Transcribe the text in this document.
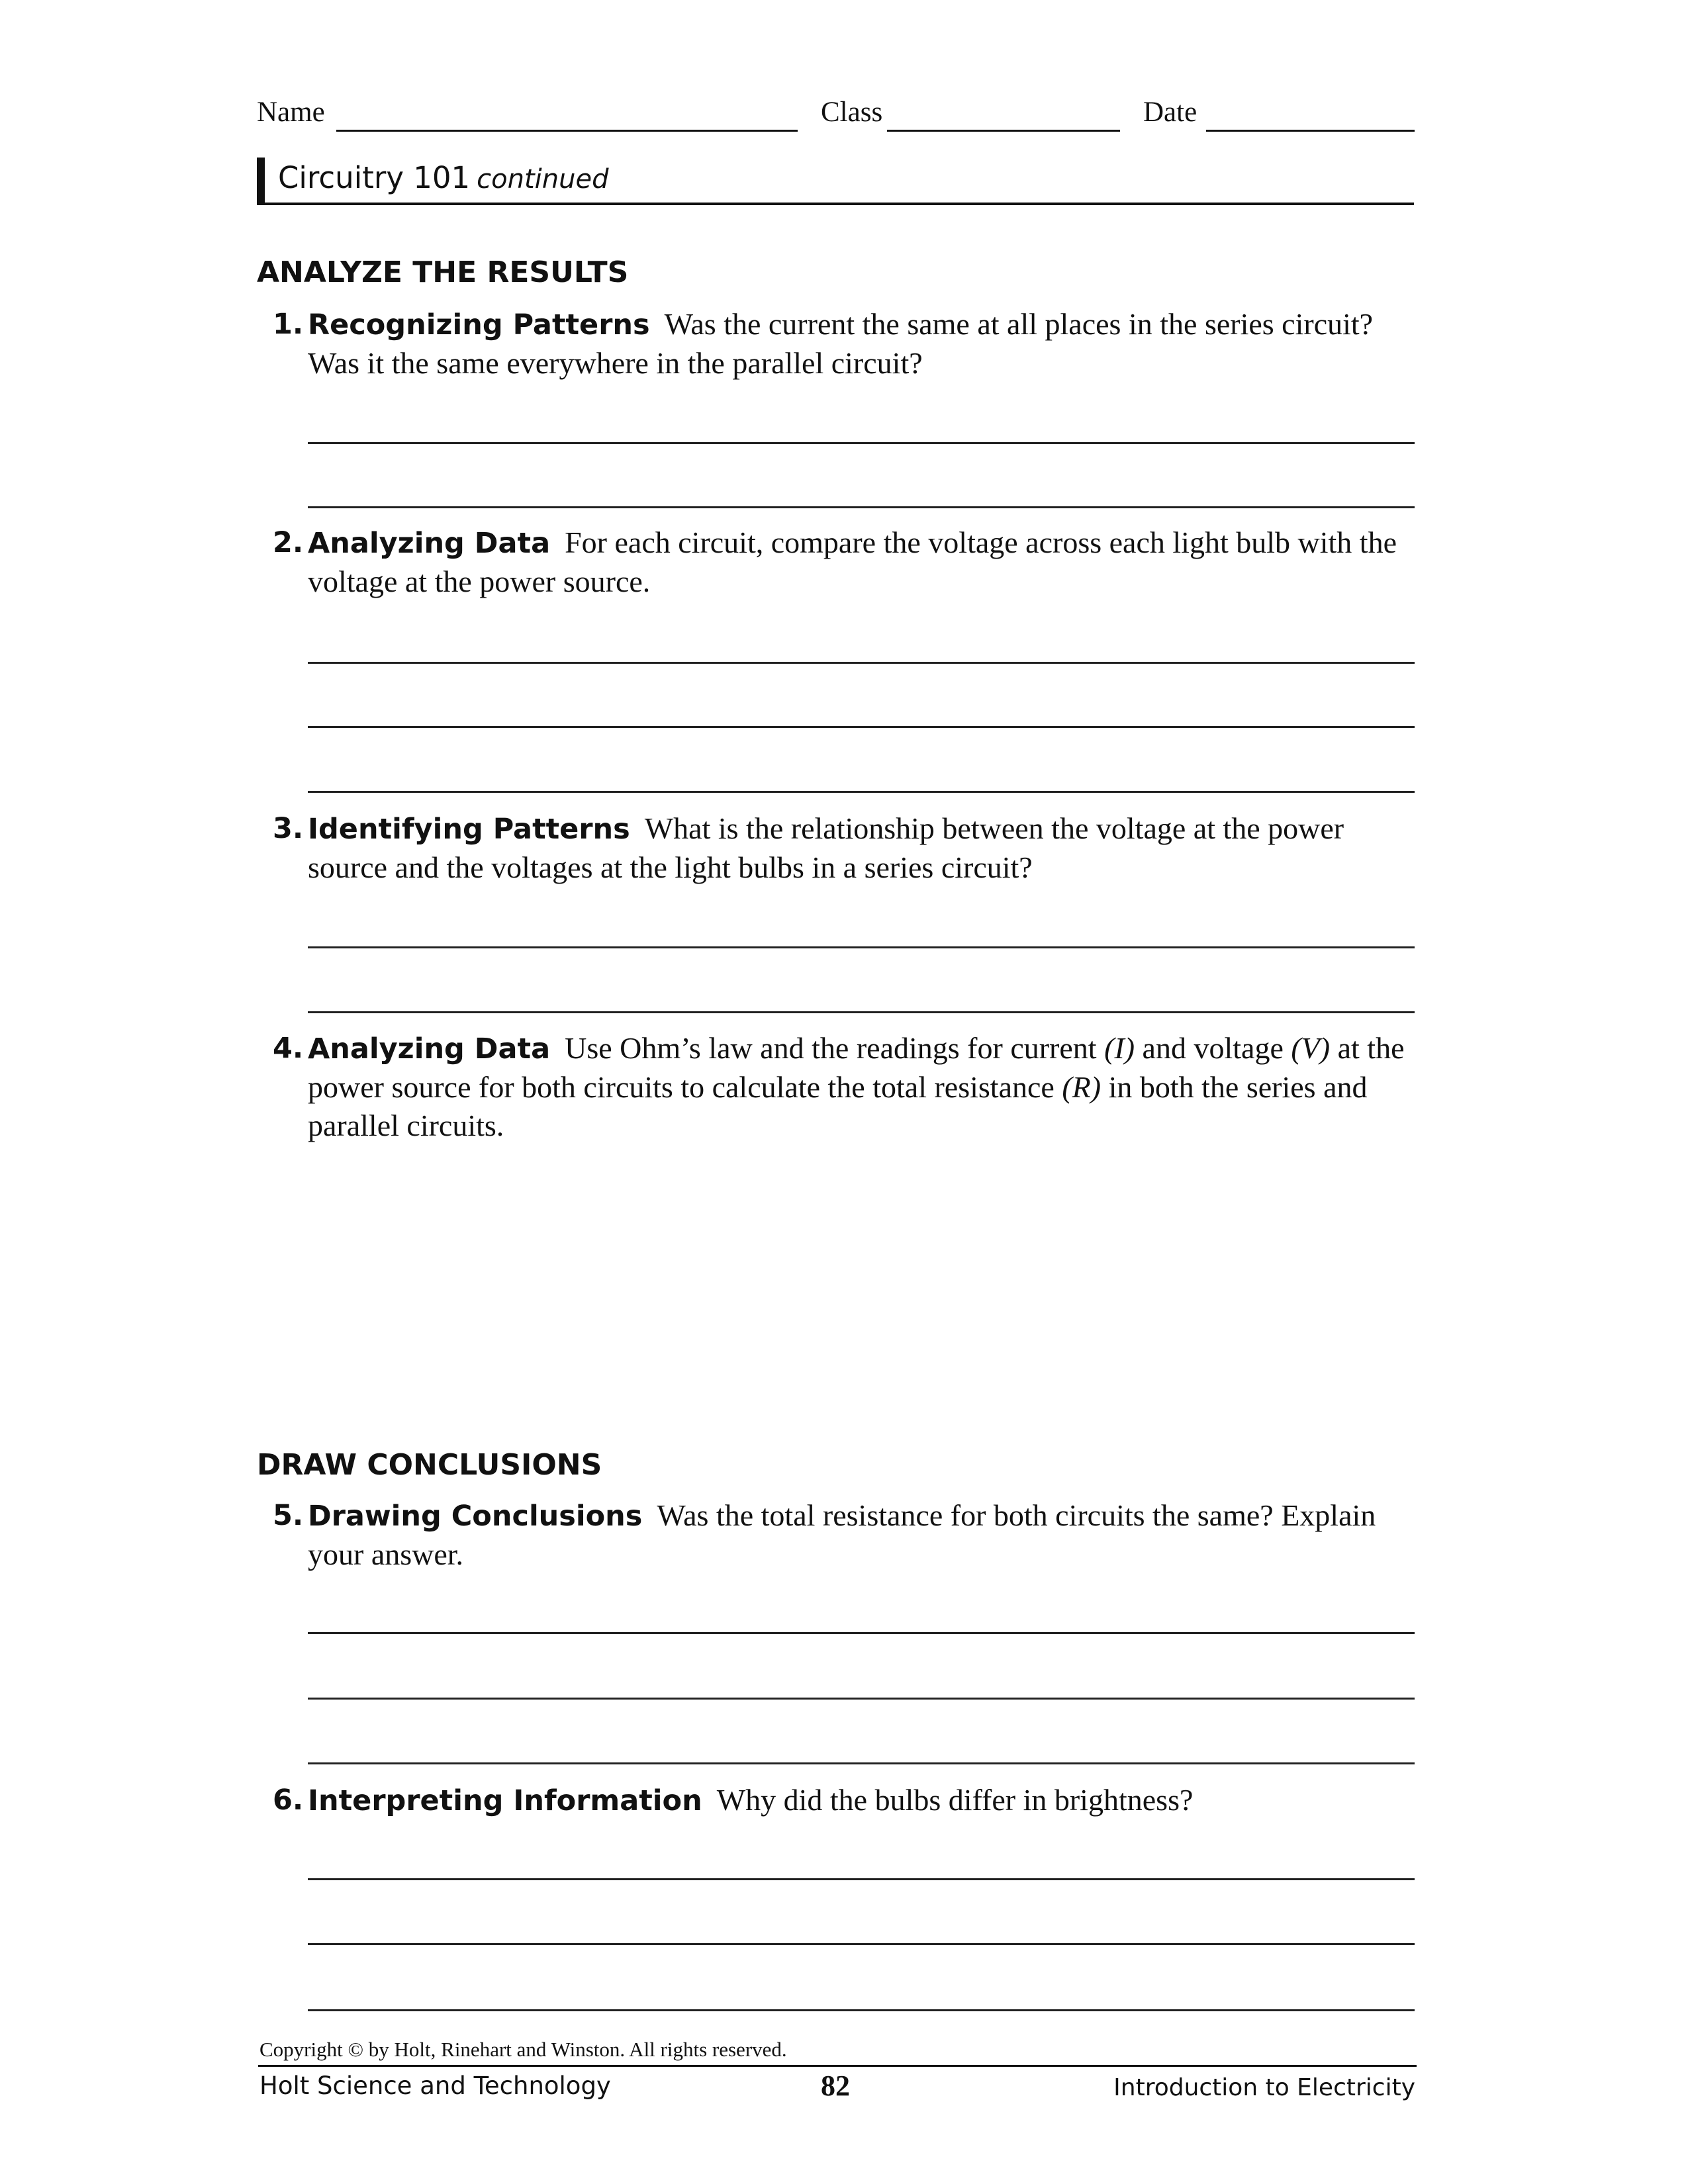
Name	Class	Date
Circuitry 101 continued
ANALYZE THE RESULTS
1. Recognizing Patterns Was the current the same at all places in the series circuit? Was it the same everywhere in the parallel circuit?
2. Analyzing Data For each circuit, compare the voltage across each light bulb with the voltage at the power source.
3. Identifying Patterns What is the relationship between the voltage at the power source and the voltages at the light bulbs in a series circuit?
4. Analyzing Data Use Ohm’s law and the readings for current (I) and voltage (V) at the power source for both circuits to calculate the total resistance (R) in both the series and parallel circuits.
DRAW CONCLUSIONS
5. Drawing Conclusions Was the total resistance for both circuits the same? Explain your answer.
6. Interpreting Information Why did the bulbs differ in brightness?
Copyright © by Holt, Rinehart and Winston. All rights reserved.
Holt Science and Technology	82	Introduction to Electricity
